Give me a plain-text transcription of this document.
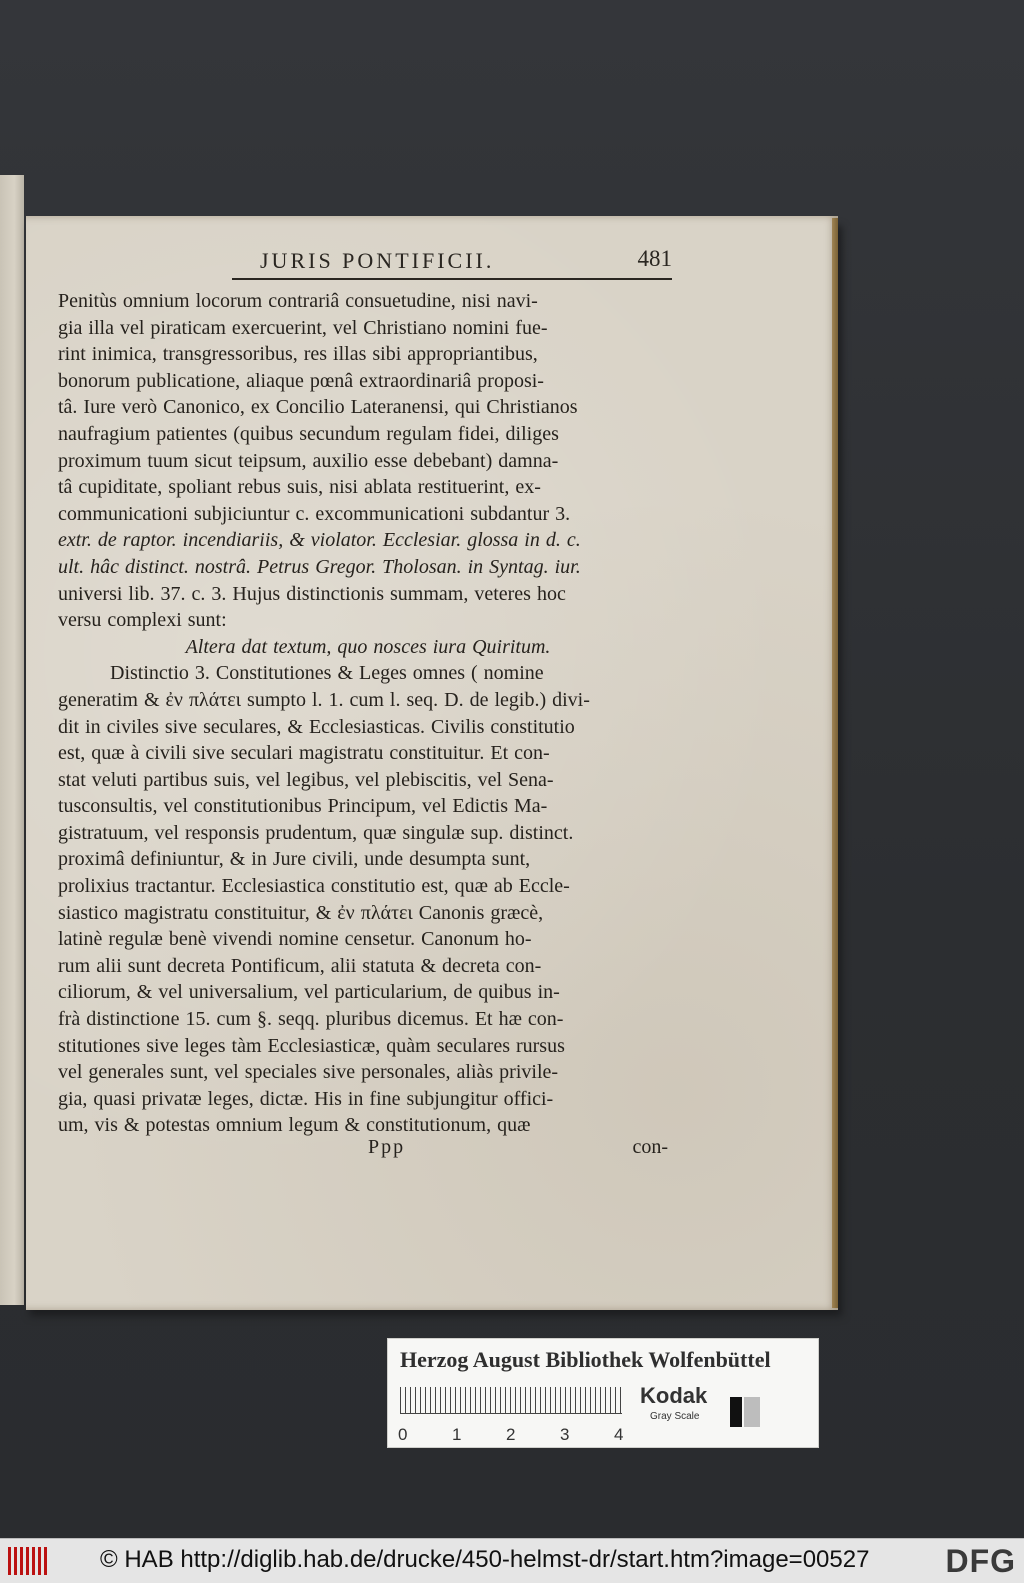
JURIS PONTIFICII.	481
Penitùs omnium locorum contrariâ consuetudine, nisi navi-
gia illa vel piraticam exercuerint, vel Christiano nomini fue-
rint inimica, transgressoribus, res illas sibi appropriantibus,
bonorum publicatione, aliaque pœnâ extraordinariâ proposi-
tâ. Iure verò Canonico, ex Concilio Lateranensi, qui Christianos
naufragium patientes (quibus secundum regulam fidei, diliges
proximum tuum sicut teipsum, auxilio esse debebant) damna-
tâ cupiditate, spoliant rebus suis, nisi ablata restituerint, ex-
communicationi subjiciuntur c. excommunicationi subdantur 3.
extr. de raptor. incendiariis, & violator. Ecclesiar. glossa in d. c.
ult. hâc distinct. nostrâ. Petrus Gregor. Tholosan. in Syntag. iur.
universi lib. 37. c. 3. Hujus distinctionis summam, veteres hoc
versu complexi sunt:
Altera dat textum, quo nosces iura Quiritum.
Distinctio 3. Constitutiones & Leges omnes ( nomine
generatim & ἐν πλάτει sumpto l. 1. cum l. seq. D. de legib.) divi-
dit in civiles sive seculares, & Ecclesiasticas. Civilis constitutio
est, quæ à civili sive seculari magistratu constituitur. Et con-
stat veluti partibus suis, vel legibus, vel plebiscitis, vel Sena-
tusconsultis, vel constitutionibus Principum, vel Edictis Ma-
gistratuum, vel responsis prudentum, quæ singulæ sup. distinct.
proximâ definiuntur, & in Jure civili, unde desumpta sunt,
prolixius tractantur. Ecclesiastica constitutio est, quæ ab Eccle-
siastico magistratu constituitur, & ἐν πλάτει Canonis græcè,
latinè regulæ benè vivendi nomine censetur. Canonum ho-
rum alii sunt decreta Pontificum, alii statuta & decreta con-
ciliorum, & vel universalium, vel particularium, de quibus in-
frà distinctione 15. cum §. seqq. pluribus dicemus. Et hæ con-
stitutiones sive leges tàm Ecclesiasticæ, quàm seculares rursus
vel generales sunt, vel speciales sive personales, aliàs privile-
gia, quasi privatæ leges, dictæ. His in fine subjungitur offici-
um, vis & potestas omnium legum & constitutionum, quæ
Ppp	con-
Herzog August Bibliothek Wolfenbüttel
0	1	2	3	4
Kodak
Gray Scale
© HAB http://diglib.hab.de/drucke/450-helmst-dr/start.htm?image=00527 DFG
